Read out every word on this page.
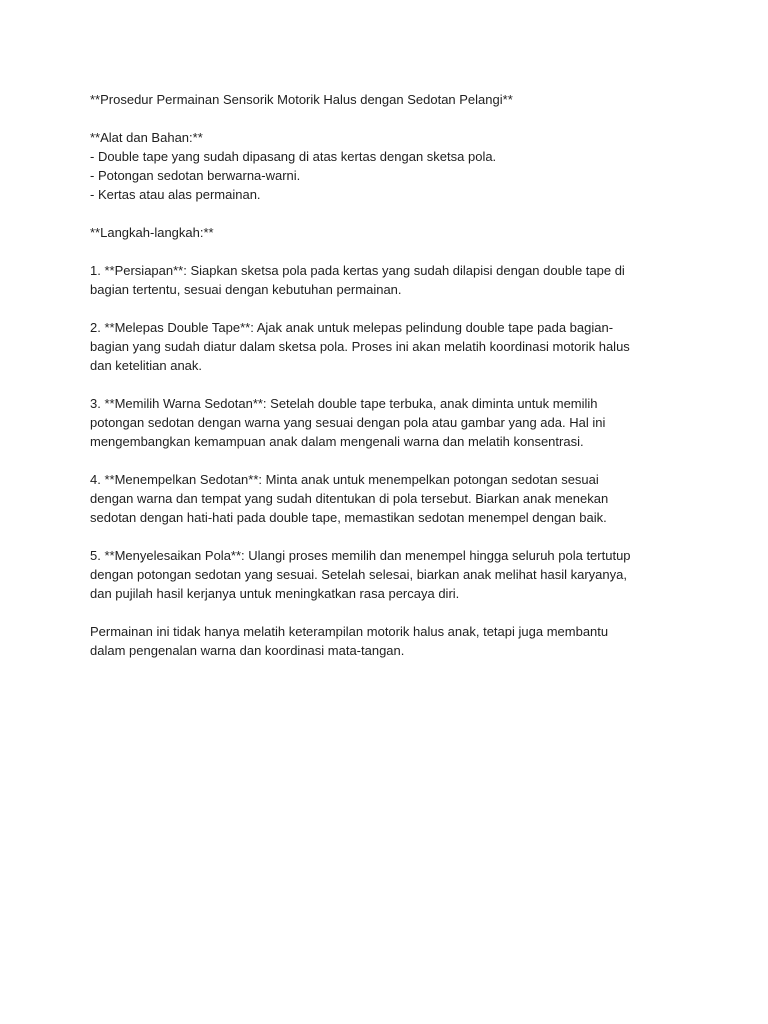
**Prosedur Permainan Sensorik Motorik Halus dengan Sedotan Pelangi**
**Alat dan Bahan:**
- Double tape yang sudah dipasang di atas kertas dengan sketsa pola.
- Potongan sedotan berwarna-warni.
- Kertas atau alas permainan.
**Langkah-langkah:**
1. **Persiapan**: Siapkan sketsa pola pada kertas yang sudah dilapisi dengan double tape di
bagian tertentu, sesuai dengan kebutuhan permainan.
2. **Melepas Double Tape**: Ajak anak untuk melepas pelindung double tape pada bagian-
bagian yang sudah diatur dalam sketsa pola. Proses ini akan melatih koordinasi motorik halus
dan ketelitian anak.
3. **Memilih Warna Sedotan**: Setelah double tape terbuka, anak diminta untuk memilih
potongan sedotan dengan warna yang sesuai dengan pola atau gambar yang ada. Hal ini
mengembangkan kemampuan anak dalam mengenali warna dan melatih konsentrasi.
4. **Menempelkan Sedotan**: Minta anak untuk menempelkan potongan sedotan sesuai
dengan warna dan tempat yang sudah ditentukan di pola tersebut. Biarkan anak menekan
sedotan dengan hati-hati pada double tape, memastikan sedotan menempel dengan baik.
5. **Menyelesaikan Pola**: Ulangi proses memilih dan menempel hingga seluruh pola tertutup
dengan potongan sedotan yang sesuai. Setelah selesai, biarkan anak melihat hasil karyanya,
dan pujilah hasil kerjanya untuk meningkatkan rasa percaya diri.
Permainan ini tidak hanya melatih keterampilan motorik halus anak, tetapi juga membantu
dalam pengenalan warna dan koordinasi mata-tangan.
